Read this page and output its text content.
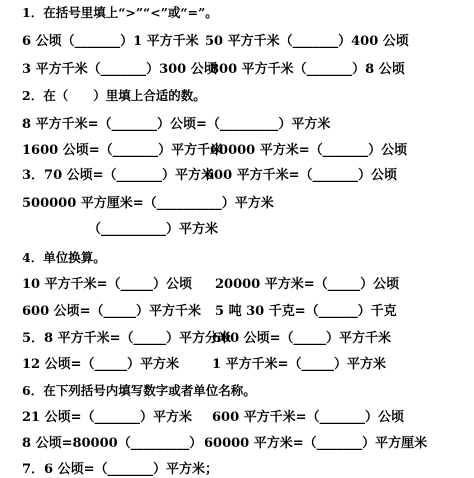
1．在括号里填上“>”“<”或“=”。
6 公顷（_______）1 平方千米 50 平方千米（_______）400 公顷
3 平方千米（_______）300 公顷
800 平方千米（_______）8 公顷
2．在（　　）里填上合适的数。
8 平方千米=（_______）公顷=（_________）平方米
1600 公顷=（_______）平方千米
60000 平方米=（_______）公顷
3．70 公顷=（_______）平方米
600 平方千米=（_______）公顷
500000 平方厘米=（__________）平方米
（__________）平方米
4．单位换算。
10 平方千米=（_____）公顷 20000 平方米=（_____）公顷
600 公顷=（_____）平方千米 5 吨 30 千克=（______）千克
5．8 平方千米=（_____）平方分米
600 公顷=（_____）平方千米
12 公顷=（_____）平方米	1 平方千米=（_____）平方米
6．在下列括号内填写数字或者单位名称。
21 公顷=（_______）平方米 600 平方千米=（_______）公顷
8 公顷=80000（_________） 60000 平方米=（_______）平方厘米
7．6 公顷=（_______）平方米；
